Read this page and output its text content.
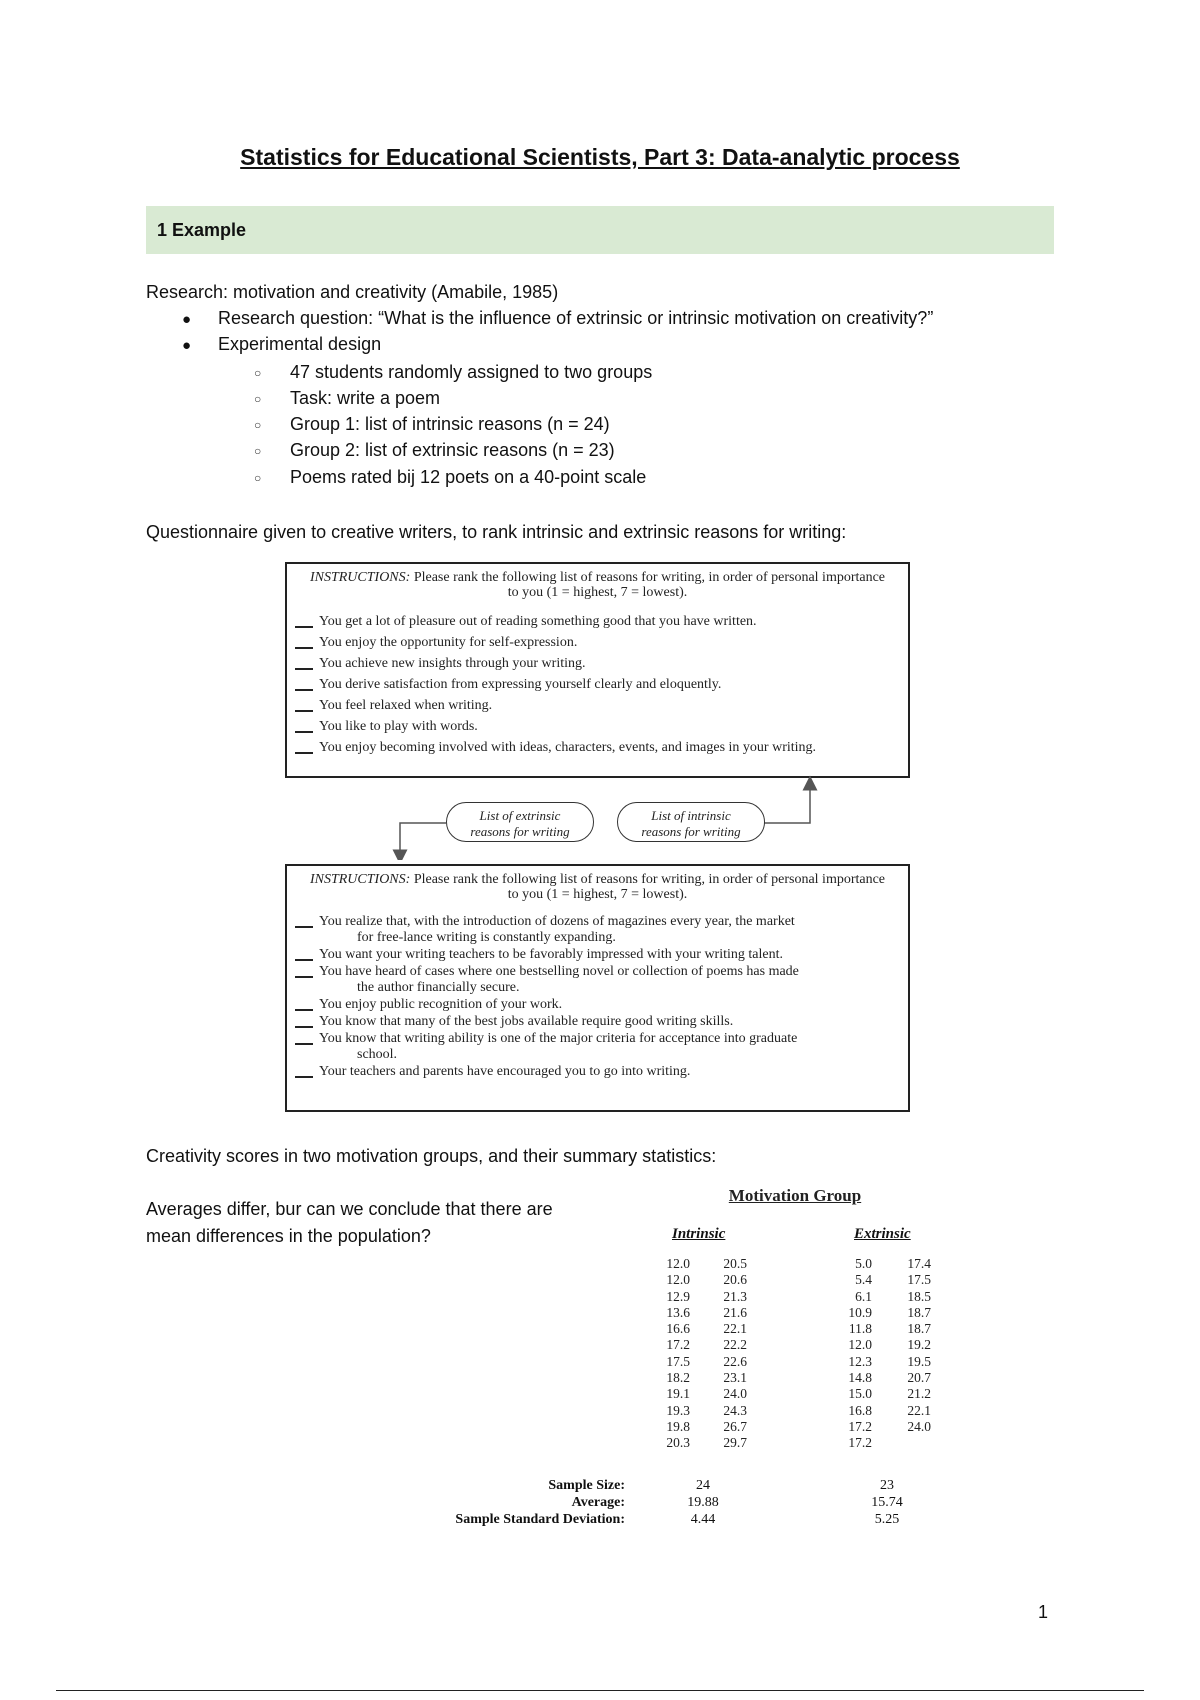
Statistics for Educational Scientists, Part 3: Data-analytic process
1 Example
Research: motivation and creativity (Amabile, 1985)
● Research question: “What is the influence of extrinsic or intrinsic motivation on creativity?”
● Experimental design
○ 47 students randomly assigned to two groups
○ Task: write a poem
○ Group 1: list of intrinsic reasons (n = 24)
○ Group 2: list of extrinsic reasons (n = 23)
○ Poems rated bij 12 poets on a 40-point scale
Questionnaire given to creative writers, to rank intrinsic and extrinsic reasons for writing:
INSTRUCTIONS: Please rank the following list of reasons for writing, in order of personal importance to you (1 = highest, 7 = lowest).
You get a lot of pleasure out of reading something good that you have written.
You enjoy the opportunity for self-expression.
You achieve new insights through your writing.
You derive satisfaction from expressing yourself clearly and eloquently.
You feel relaxed when writing.
You like to play with words.
You enjoy becoming involved with ideas, characters, events, and images in your writing.
List of extrinsic
reasons for writing
List of intrinsic
reasons for writing
INSTRUCTIONS: Please rank the following list of reasons for writing, in order of personal importance to you (1 = highest, 7 = lowest).
You realize that, with the introduction of dozens of magazines every year, the market
for free-lance writing is constantly expanding.
You want your writing teachers to be favorably impressed with your writing talent.
You have heard of cases where one bestselling novel or collection of poems has made
the author financially secure.
You enjoy public recognition of your work.
You know that many of the best jobs available require good writing skills.
You know that writing ability is one of the major criteria for acceptance into graduate
school.
Your teachers and parents have encouraged you to go into writing.
Creativity scores in two motivation groups, and their summary statistics:
Averages differ, bur can we conclude that there are
mean differences in the population?
Motivation Group
Intrinsic	Extrinsic
12.0
12.0
12.9
13.6
16.6
17.2
17.5
18.2
19.1
19.3
19.8
20.3
20.5
20.6
21.3
21.6
22.1
22.2
22.6
23.1
24.0
24.3
26.7
29.7
5.0
5.4
6.1
10.9
11.8
12.0
12.3
14.8
15.0
16.8
17.2
17.2
17.4
17.5
18.5
18.7
18.7
19.2
19.5
20.7
21.2
22.1
24.0
Sample Size:
Average:
Sample Standard Deviation:
24
19.88
4.44
23
15.74
5.25
1
